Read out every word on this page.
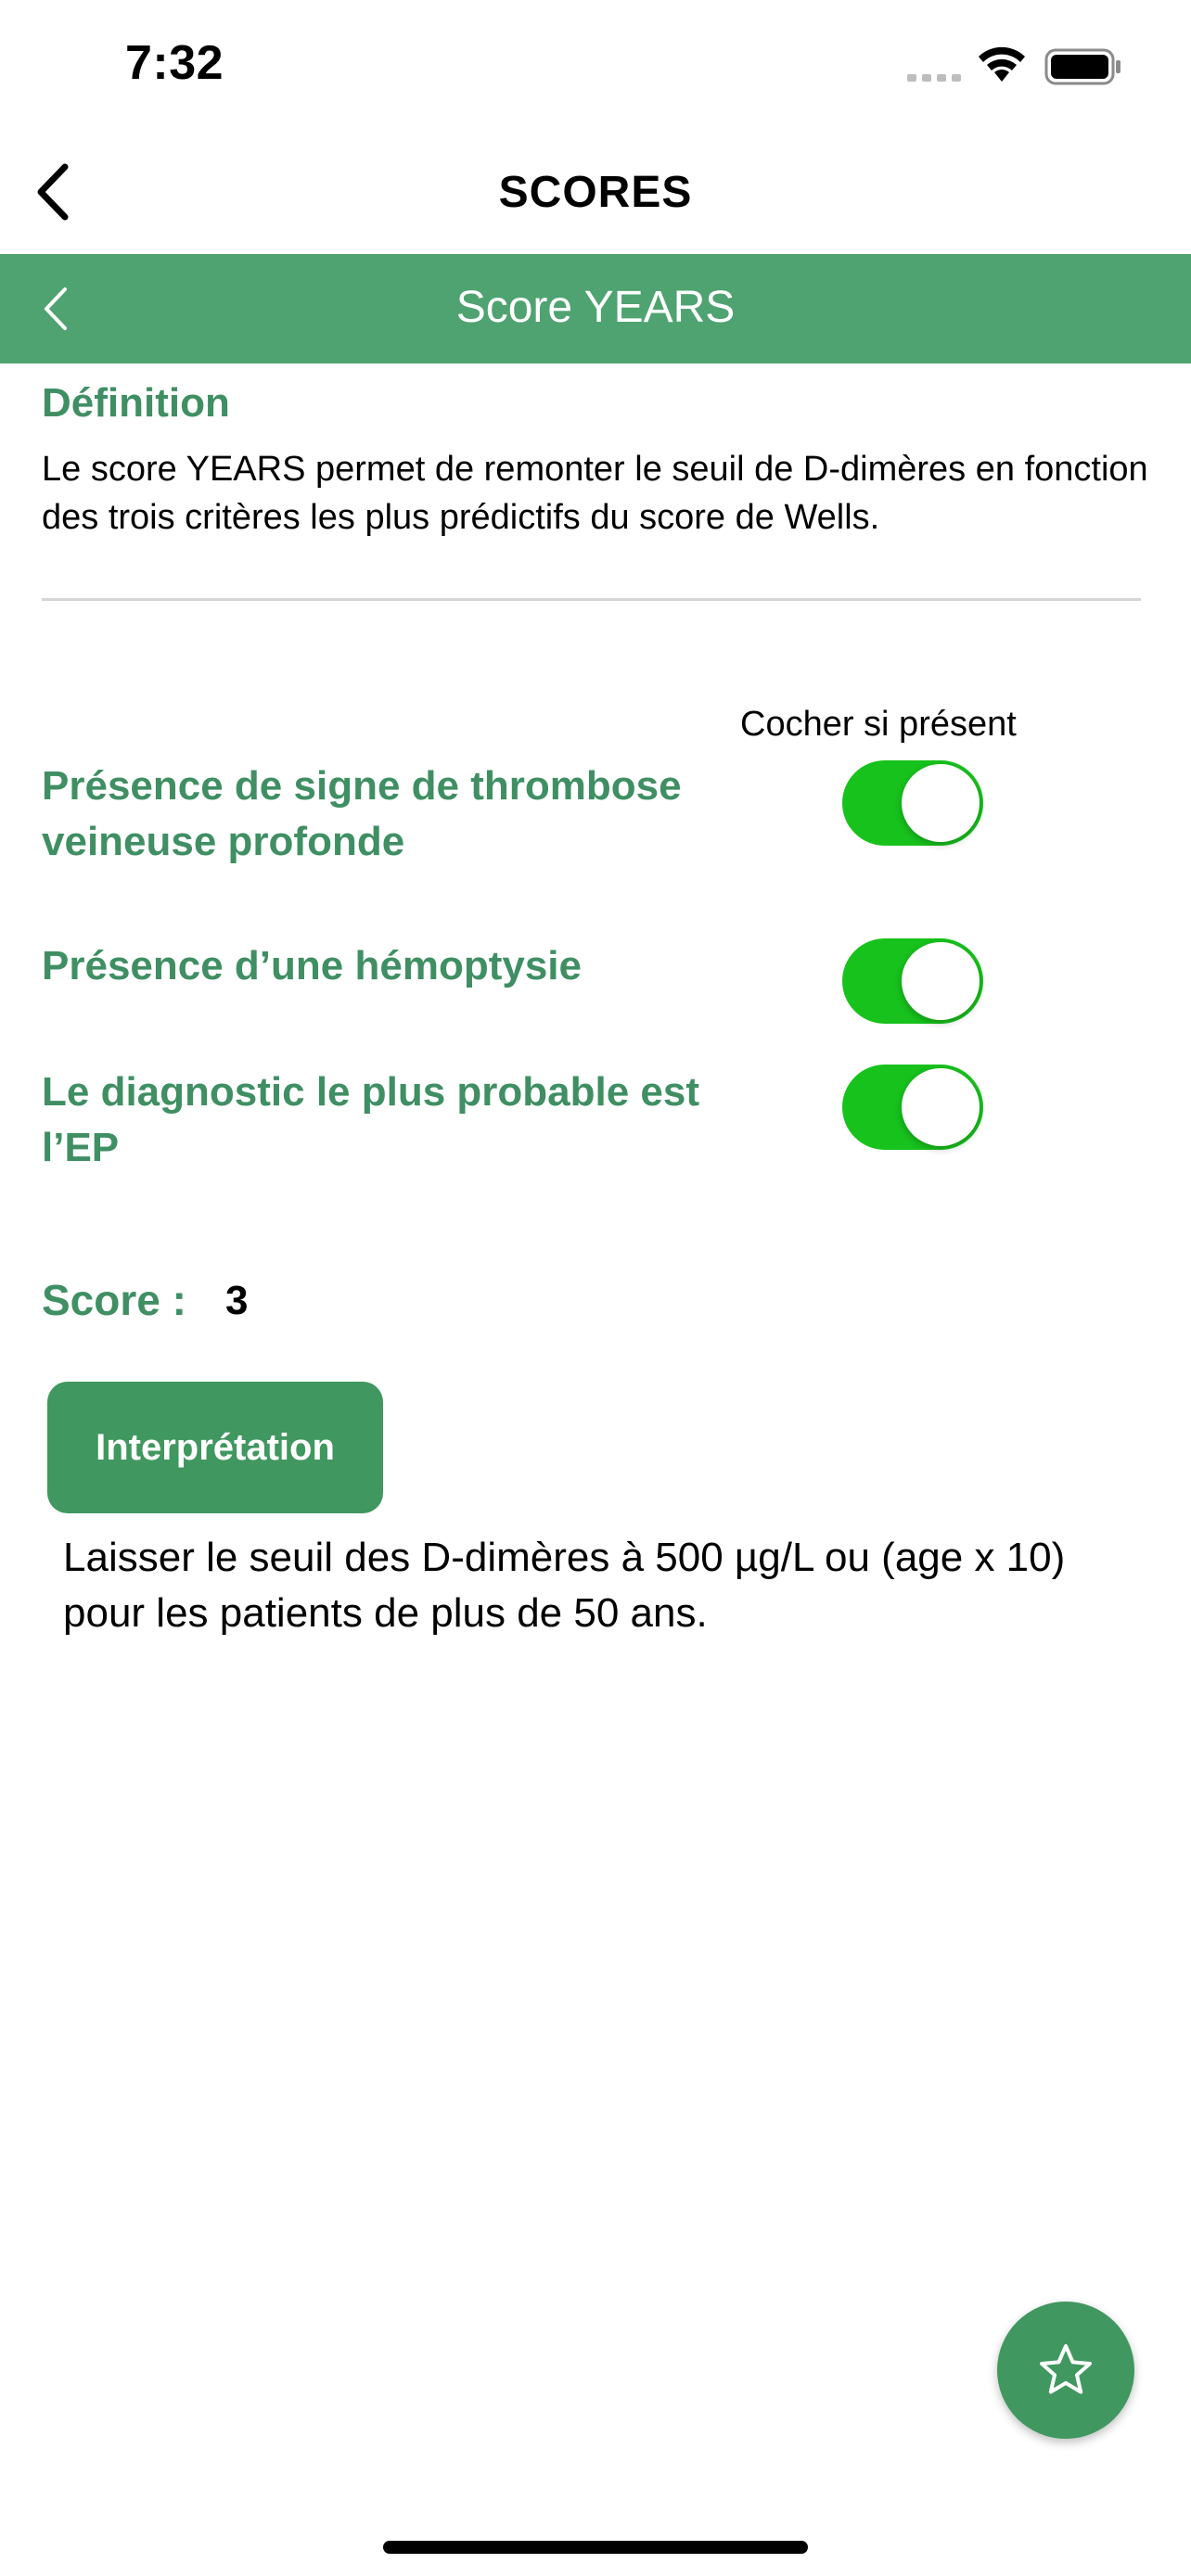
7:32
SCORES
Score YEARS
Définition
Le score YEARS permet de remonter le seuil de D-dimères en fonction des trois critères les plus prédictifs du score de Wells.
Cocher si présent
Présence de signe de thrombose veineuse profonde
Présence d’une hémoptysie
Le diagnostic le plus probable est l’EP
Score : 3
Interprétation
Laisser le seuil des D-dimères à 500 µg/L ou (age x 10) pour les patients de plus de 50 ans.
